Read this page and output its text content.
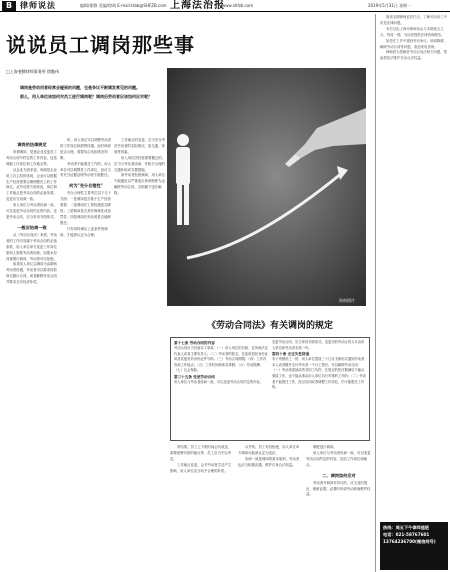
B 律师说法	编辑/徐静 美编/徐萌 E-mail:lsbb@SHFZB.com 上海法治报
www.shfzb.com	2019年5月31日 星期一
说说员工调岗那些事
□上海斐腾律师事务所 徐勤伟

调岗是劳动用者经常会碰到的问题，也是争议不断频发常见的问题。

那么，用人单位该如何对员工进行调岗呢？调岗后劳动者应该如何应对呢？

资料图片
调岗的法律规定

所谓调岗，是指企业变更员工劳动合同中约定的工作内容，包括调换工作岗位和工作地点等。

从企业方面来说，调岗是企业用工自主权的体现，企业可以根据生产经营需要合理调整员工的工作岗位。从劳动者方面来说，岗位和工作地点是劳动合同的必备条款，变更应当协商一致。

用人单位与劳动者协商一致，可以变更劳动合同约定的内容。变更劳动合同，应当采用书面形式。

一般应协商一致

从《劳动合同法》来看，劳动者的工作内容属于劳动合同的必备条款，用人单位单方变更工作岗位原则上需要劳动者同意。如果未经同意强行调岗，劳动者可以拒绝。

如果用人单位以调岗为由降低劳动者待遇，劳动者可以要求按原岗位履行合同，或者解除劳动合同并要求支付经济补偿。

时，用人单位可以调整劳动者的工作岗位和薪资待遇。此时调岗是否合理，需要结合具体情况判断。

劳动者不能胜任工作的，用人单位可以调整其工作岗位，但应当有充分证据证明劳动者不能胜任。

何为"充分合理性"

充分合理性主要考虑以下几个方面：一是调岗是否基于生产经营需要；二是调岗后工资待遇是否降低；三是调岗是否具有侮辱性或惩罚性；四是调岗后劳动者是否能够胜任。

只有同时满足上述条件的调岗，才能被认定为合理。

工作地点的变更，应当充分考虑劳动者的实际情况，如交通、家庭等因素。

用人单位因经营需要搬迁的，应当与劳动者协商，并给予合理的交通补贴或安置措施。

如劳动者拒绝调岗，用人单位不能据此以严重违反规章制度为由解除劳动合同，否则属于违法解除。

的结果。员工上下班时间会有改变，需要统筹安排的地点等，员工应当予以考虑。

工作地点变更，会对劳动者生活产生影响，用人单位应当给予合理的补偿。

以外的，员工有权拒绝，用人单位单方调岗可能被认定为违法。

协商一致是调岗的基本原则，劳动者也应当积极沟通，维护自身合法权益。

制度进行调岗。

用人单位与劳动者协商一致，可以变更劳动合同约定的内容，包括工作岗位和地点。

二、调岗如何应对

劳动者对调岗有异议的，应当及时提出，保留证据，必要时申请劳动仲裁维护权益。

《劳动合同法》有关调岗的规定
第十七条 劳动合同的内容

劳动合同应当具备以下条款：（一）用人单位的名称、住所和法定代表人或者主要负责人；（二）劳动者的姓名、住址和居民身份证或者其他有效身份证件号码；（三）劳动合同期限；（四）工作内容和工作地点；（五）工作时间和休息休假；（六）劳动报酬；（七）社会保险。

第三十五条 变更劳动合同

用人单位与劳动者协商一致，可以变更劳动合同约定的内容。

变更劳动合同，应当采用书面形式。变更后的劳动合同文本由用人单位和劳动者各执一份。

第四十条 无过失性辞退

有下列情形之一的，用人单位提前三十日以书面形式通知劳动者本人或者额外支付劳动者一个月工资后，可以解除劳动合同：（一）劳动者患病或者非因工负伤，在规定的医疗期满后不能从事原工作，也不能从事由用人单位另行安排的工作的；（二）劳动者不能胜任工作，经过培训或者调整工作岗位，仍不能胜任工作的。

阅读本期律师说法栏目，了解劳动用工中常见法律问题。

本栏目由上海市律师协会与本报联合主办，每周一期，为读者提供法律咨询服务。

如您在工作中遇到劳动争议、调岗降薪、解除劳动合同等问题，欢迎来电咨询。

律师将为您解答劳动合同法相关问题，帮助您依法维护自身合法权益。

热线：周五下午律师值班
电话：021-58767601
13764236700(微信同号)
